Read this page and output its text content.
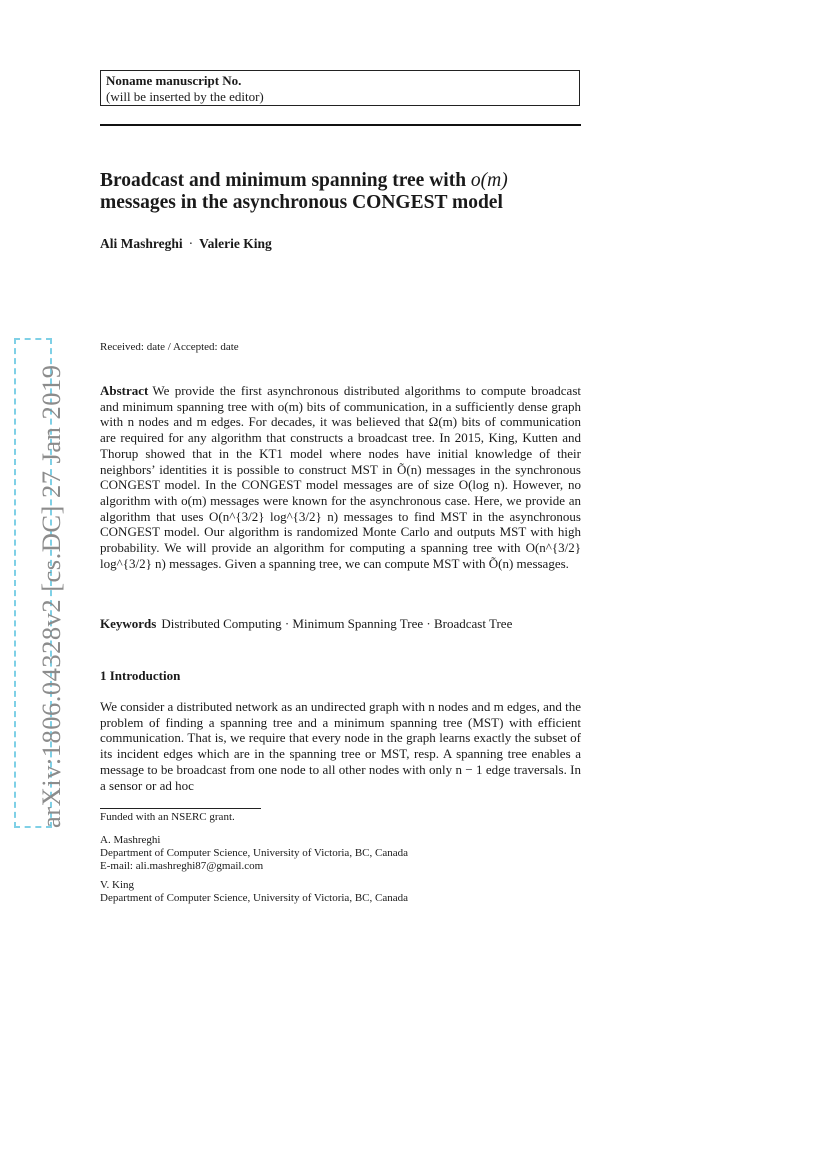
arXiv:1806.04328v2 [cs.DC] 27 Jan 2019
Noname manuscript No.
(will be inserted by the editor)
Broadcast and minimum spanning tree with o(m)
messages in the asynchronous CONGEST model
Ali Mashreghi · Valerie King
Received: date / Accepted: date
Abstract We provide the first asynchronous distributed algorithms to compute broadcast and minimum spanning tree with o(m) bits of communication, in a sufficiently dense graph with n nodes and m edges. For decades, it was believed that Ω(m) bits of communication are required for any algorithm that constructs a broadcast tree. In 2015, King, Kutten and Thorup showed that in the KT1 model where nodes have initial knowledge of their neighbors’ identities it is possible to construct MST in Õ(n) messages in the synchronous CONGEST model. In the CONGEST model messages are of size O(log n). However, no algorithm with o(m) messages were known for the asynchronous case. Here, we provide an algorithm that uses O(n^{3/2} log^{3/2} n) messages to find MST in the asynchronous CONGEST model. Our algorithm is randomized Monte Carlo and outputs MST with high probability. We will provide an algorithm for computing a spanning tree with O(n^{3/2} log^{3/2} n) messages. Given a spanning tree, we can compute MST with Õ(n) messages.
Keywords Distributed Computing · Minimum Spanning Tree · Broadcast Tree
1 Introduction
We consider a distributed network as an undirected graph with n nodes and m edges, and the problem of finding a spanning tree and a minimum spanning tree (MST) with efficient communication. That is, we require that every node in the graph learns exactly the subset of its incident edges which are in the spanning tree or MST, resp. A spanning tree enables a message to be broadcast from one node to all other nodes with only n − 1 edge traversals. In a sensor or ad hoc
Funded with an NSERC grant.
A. Mashreghi
Department of Computer Science, University of Victoria, BC, Canada
E-mail: ali.mashreghi87@gmail.com
V. King
Department of Computer Science, University of Victoria, BC, Canada
